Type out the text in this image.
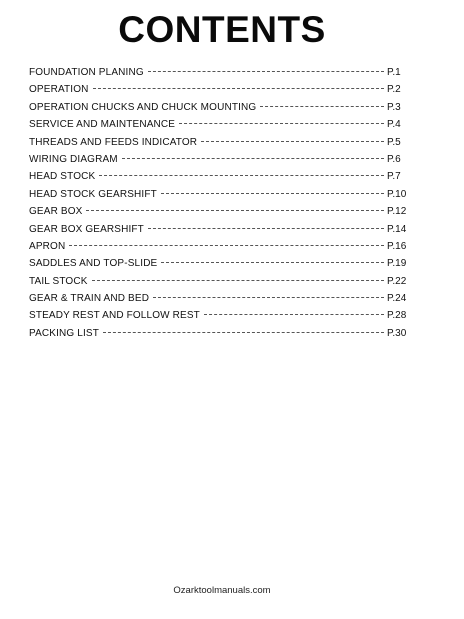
CONTENTS
FOUNDATION PLANING	P.1
OPERATION	P.2
OPERATION CHUCKS AND CHUCK MOUNTING	P.3
SERVICE AND MAINTENANCE	P.4
THREADS AND FEEDS INDICATOR	P.5
WIRING DIAGRAM	P.6
HEAD STOCK	P.7
HEAD STOCK GEARSHIFT	P.10
GEAR BOX	P.12
GEAR BOX GEARSHIFT	P.14
APRON	P.16
SADDLES AND TOP-SLIDE	P.19
TAIL STOCK	P.22
GEAR & TRAIN AND BED	P.24
STEADY REST AND FOLLOW REST	P.28
PACKING LIST	P.30
Ozarktoolmanuals.com
